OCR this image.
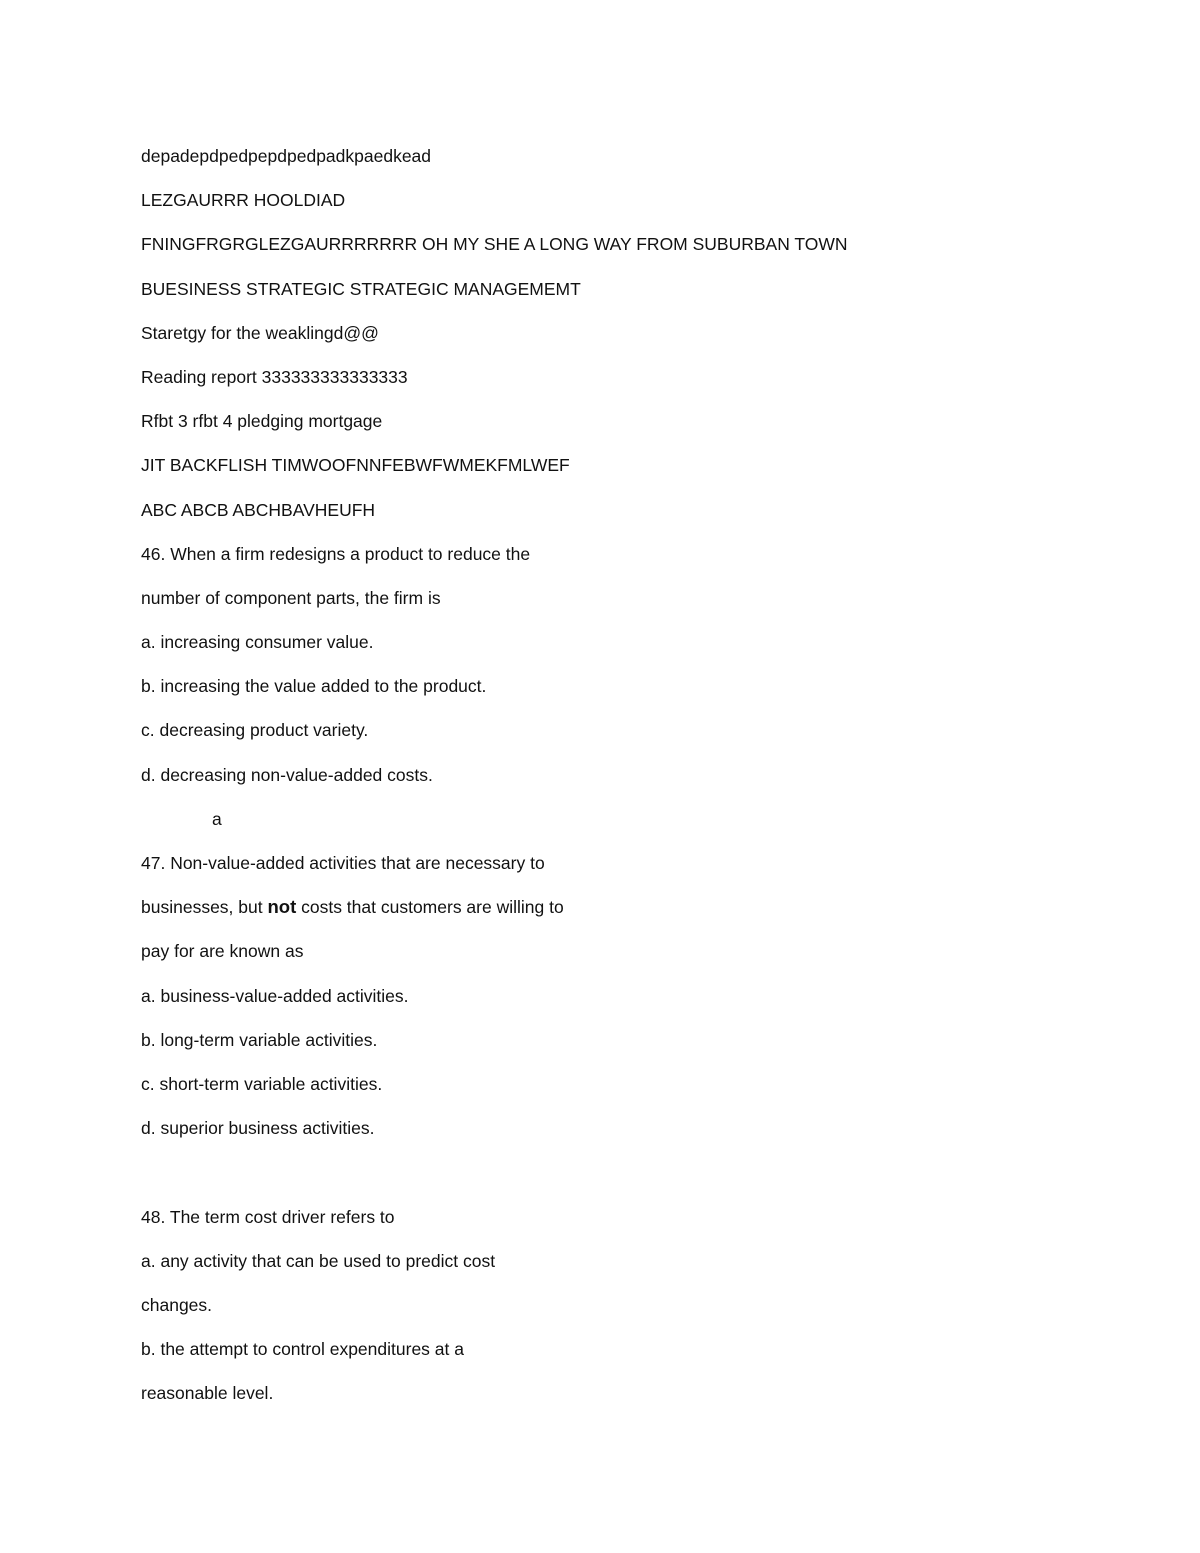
depadepdpedpepdpedpadkpaedkead
LEZGAURRR HOOLDIAD
FNINGFRGRGLEZGAURRRRRRR OH MY SHE A LONG WAY FROM SUBURBAN TOWN
BUESINESS STRATEGIC STRATEGIC MANAGEMEMT
Staretgy for the weaklingd@@
Reading report 333333333333333
Rfbt 3 rfbt 4 pledging mortgage
JIT BACKFLISH TIMWOOFNNFEBWFWMEKFMLWEF
ABC ABCB ABCHBAVHEUFH
46. When a firm redesigns a product to reduce the
number of component parts, the firm is
a. increasing consumer value.
b. increasing the value added to the product.
c. decreasing product variety.
d. decreasing non-value-added costs.
a
47. Non-value-added activities that are necessary to
businesses, but not costs that customers are willing to
pay for are known as
a. business-value-added activities.
b. long-term variable activities.
c. short-term variable activities.
d. superior business activities.
48. The term cost driver refers to
a. any activity that can be used to predict cost
changes.
b. the attempt to control expenditures at a
reasonable level.
